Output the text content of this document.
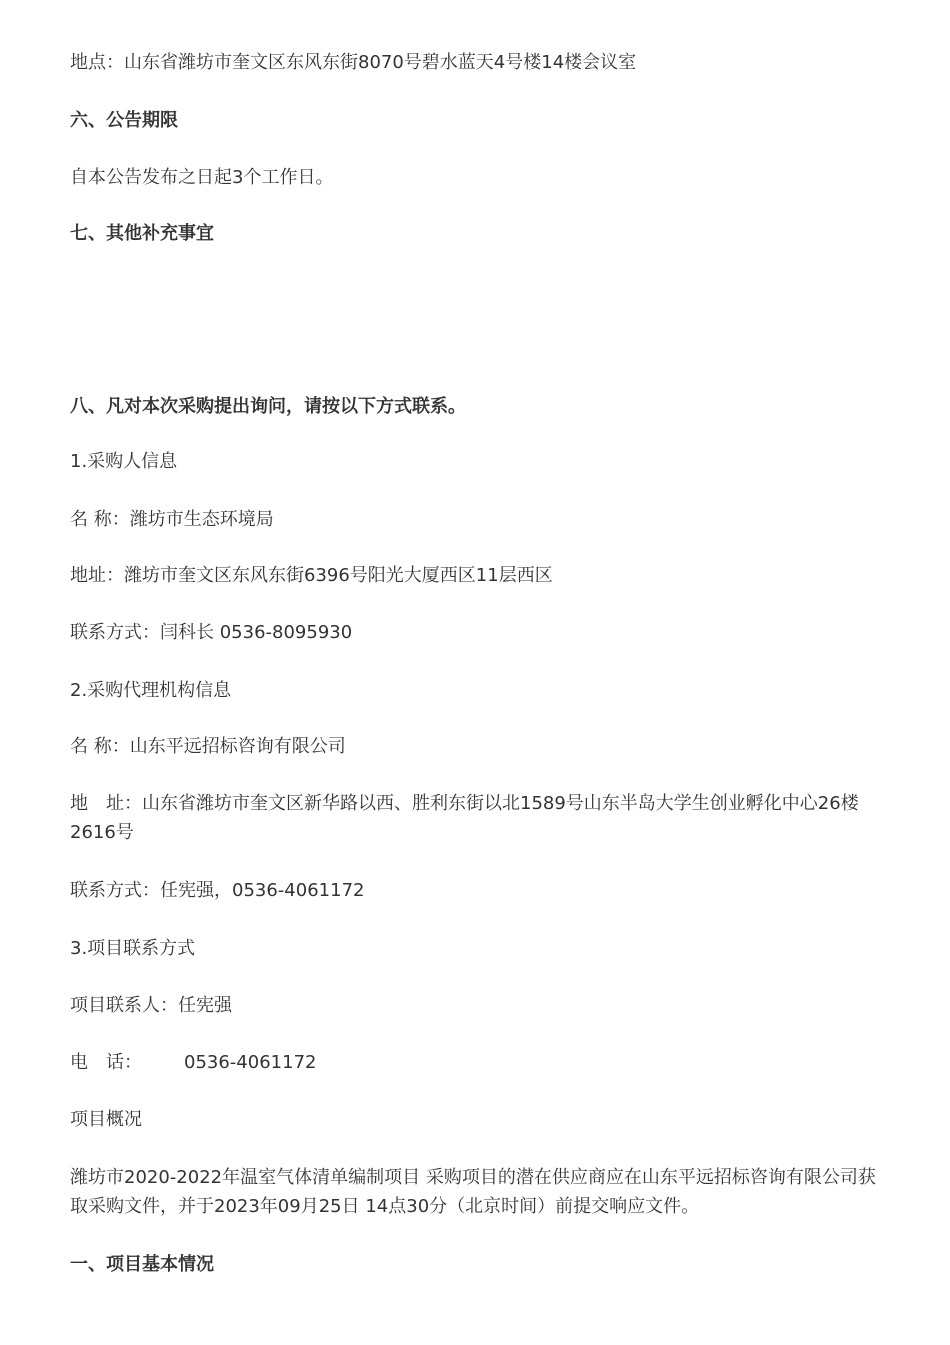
地点：山东省潍坊市奎文区东风东街8070号碧水蓝天4号楼14楼会议室

六、公告期限

自本公告发布之日起3个工作日。

七、其他补充事宜

八、凡对本次采购提出询问，请按以下方式联系。

1.采购人信息

名 称：潍坊市生态环境局

地址：潍坊市奎文区东风东街6396号阳光大厦西区11层西区

联系方式：闫科长 0536-8095930

2.采购代理机构信息

名 称：山东平远招标咨询有限公司

地 址：山东省潍坊市奎文区新华路以西、胜利东街以北1589号山东半岛大学生创业孵化中心26楼2616号

联系方式：任宪强，0536-4061172

3.项目联系方式

项目联系人：任宪强

电 话： 0536-4061172

项目概况

潍坊市2020-2022年温室气体清单编制项目 采购项目的潜在供应商应在山东平远招标咨询有限公司获取采购文件，并于2023年09月25日 14点30分（北京时间）前提交响应文件。

一、项目基本情况
